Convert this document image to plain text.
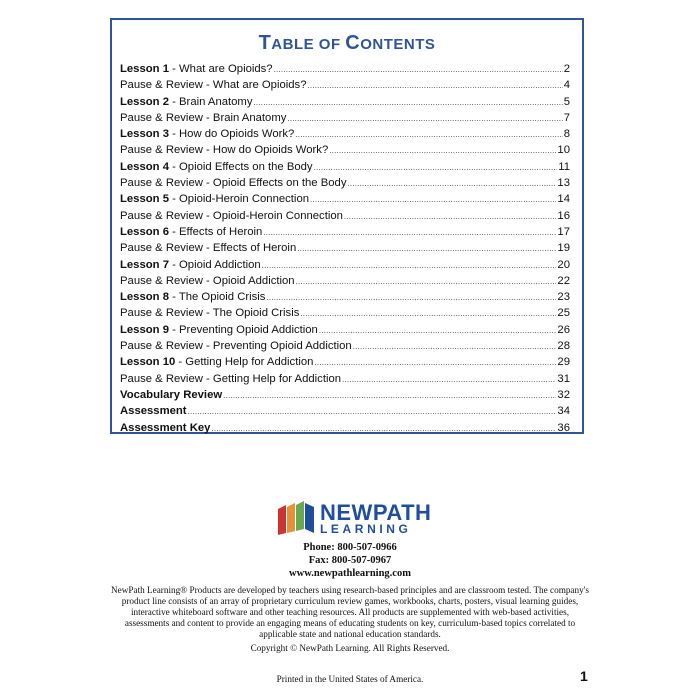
TABLE OF CONTENTS
Lesson 1 - What are Opioids? .....	2
Pause & Review - What are Opioids? .....	4
Lesson 2 - Brain Anatomy .....	5
Pause & Review - Brain Anatomy .....	7
Lesson 3 - How do Opioids Work? .....	8
Pause & Review - How do Opioids Work? .....	10
Lesson 4 - Opioid Effects on the Body .....	11
Pause & Review - Opioid Effects on the Body .....	13
Lesson 5 - Opioid-Heroin Connection .....	14
Pause & Review - Opioid-Heroin Connection .....	16
Lesson 6 - Effects of Heroin .....	17
Pause & Review - Effects of Heroin .....	19
Lesson 7 - Opioid Addiction .....	20
Pause & Review - Opioid Addiction .....	22
Lesson 8 - The Opioid Crisis .....	23
Pause & Review - The Opioid Crisis .....	25
Lesson 9 - Preventing Opioid Addiction .....	26
Pause & Review - Preventing Opioid Addiction .....	28
Lesson 10 - Getting Help for Addiction .....	29
Pause & Review - Getting Help for Addiction .....	31
Vocabulary Review .....	32
Assessment .....	34
Assessment Key .....	36
NEWPATH
LEARNING
Phone: 800-507-0966
Fax: 800-507-0967
www.newpathlearning.com
NewPath Learning® Products are developed by teachers using research-based principles and are classroom tested. The company's product line consists of an array of proprietary curriculum review games, workbooks, charts, posters, visual learning guides, interactive whiteboard software and other teaching resources. All products are supplemented with web-based activities, assessments and content to provide an engaging means of educating students on key, curriculum-based topics correlated to applicable state and national education standards.
Copyright © NewPath Learning. All Rights Reserved.
Printed in the United States of America.	1
